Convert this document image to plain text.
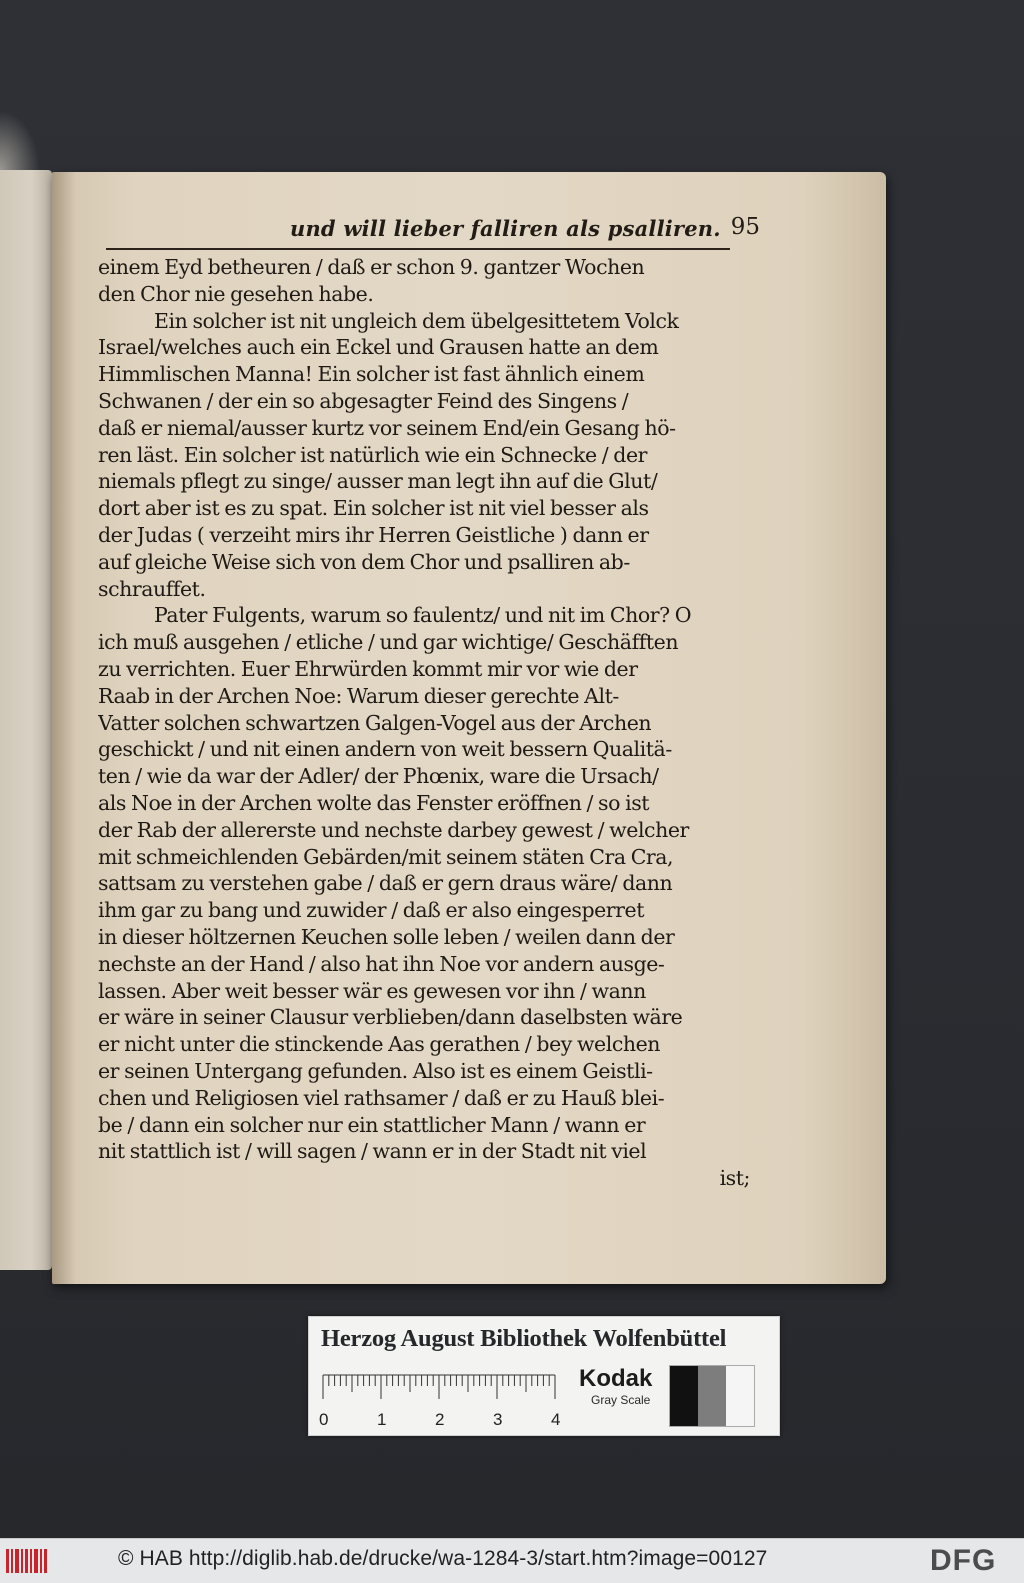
und will lieber falliren als psalliren. 95
einem Eyd betheuren / daß er schon 9. gantzer Wochen
den Chor nie gesehen habe.
Ein solcher ist nit ungleich dem übelgesittetem Volck
Israel/welches auch ein Eckel und Grausen hatte an dem
Himmlischen Manna! Ein solcher ist fast ähnlich einem
Schwanen / der ein so abgesagter Feind des Singens /
daß er niemal/ausser kurtz vor seinem End/ein Gesang hö-
ren läst. Ein solcher ist natürlich wie ein Schnecke / der
niemals pflegt zu singe/ ausser man legt ihn auf die Glut/
dort aber ist es zu spat. Ein solcher ist nit viel besser als
der Judas ( verzeiht mirs ihr Herren Geistliche ) dann er
auf gleiche Weise sich von dem Chor und psalliren ab-
schrauffet.
Pater Fulgents, warum so faulentz/ und nit im Chor? O
ich muß ausgehen / etliche / und gar wichtige/ Geschäfften
zu verrichten. Euer Ehrwürden kommt mir vor wie der
Raab in der Archen Noe: Warum dieser gerechte Alt-
Vatter solchen schwartzen Galgen-Vogel aus der Archen
geschickt / und nit einen andern von weit bessern Qualitä-
ten / wie da war der Adler/ der Phœnix, ware die Ursach/
als Noe in der Archen wolte das Fenster eröffnen / so ist
der Rab der allererste und nechste darbey gewest / welcher
mit schmeichlenden Gebärden/mit seinem stäten Cra Cra,
sattsam zu verstehen gabe / daß er gern draus wäre/ dann
ihm gar zu bang und zuwider / daß er also eingesperret
in dieser höltzernen Keuchen solle leben / weilen dann der
nechste an der Hand / also hat ihn Noe vor andern ausge-
lassen. Aber weit besser wär es gewesen vor ihn / wann
er wäre in seiner Clausur verblieben/dann daselbsten wäre
er nicht unter die stinckende Aas gerathen / bey welchen
er seinen Untergang gefunden. Also ist es einem Geistli-
chen und Religiosen viel rathsamer / daß er zu Hauß blei-
be / dann ein solcher nur ein stattlicher Mann / wann er
nit stattlich ist / will sagen / wann er in der Stadt nit viel
ist;
Herzog August Bibliothek Wolfenbüttel
0	1	2	3	4
Kodak
Gray Scale
© HAB http://diglib.hab.de/drucke/wa-1284-3/start.htm?image=00127	DFG
